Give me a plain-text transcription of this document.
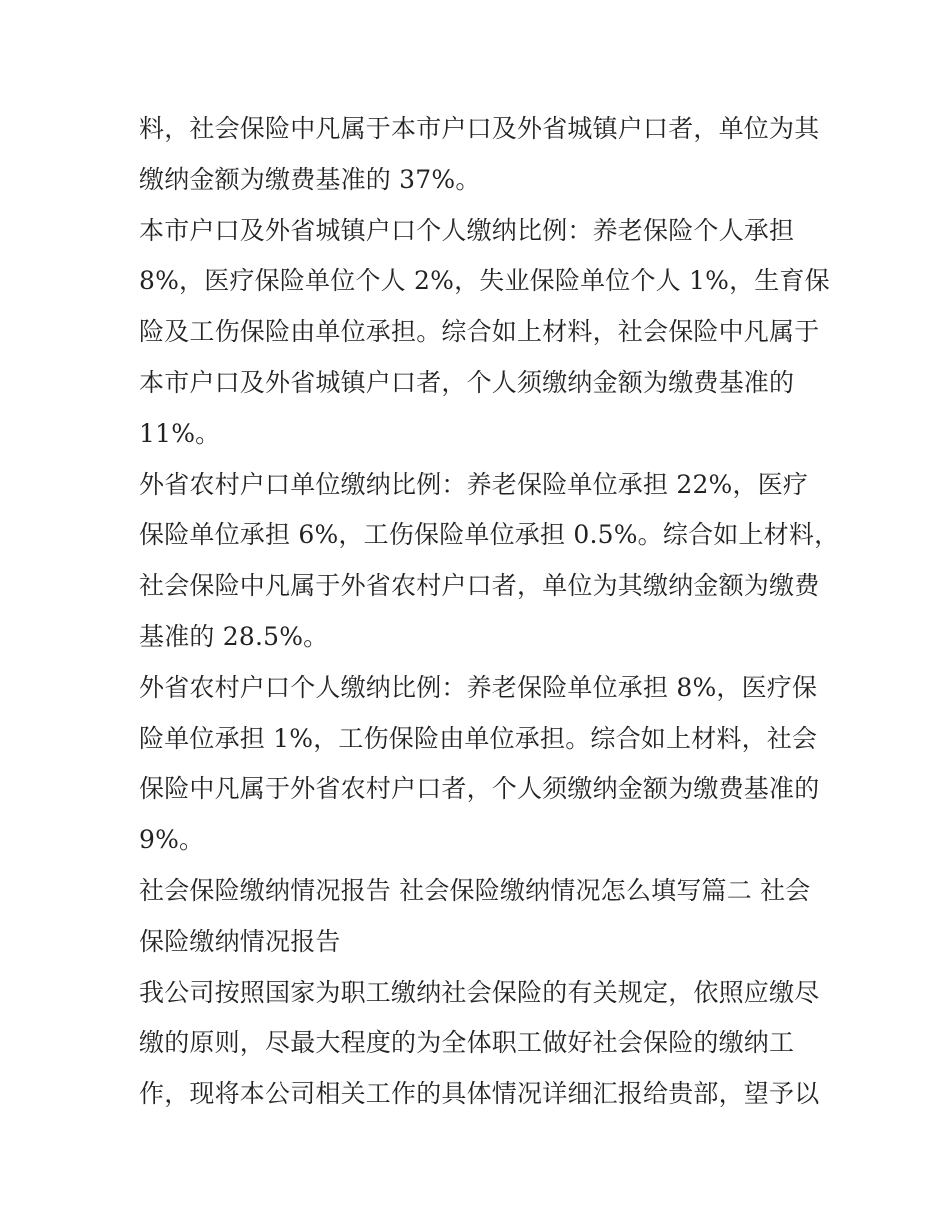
料，社会保险中凡属于本市户口及外省城镇户口者，单位为其
缴纳金额为缴费基准的 37%。
本市户口及外省城镇户口个人缴纳比例：养老保险个人承担
8%，医疗保险单位个人 2%，失业保险单位个人 1%，生育保
险及工伤保险由单位承担。综合如上材料，社会保险中凡属于
本市户口及外省城镇户口者，个人须缴纳金额为缴费基准的
11%。
外省农村户口单位缴纳比例：养老保险单位承担 22%，医疗
保险单位承担 6%，工伤保险单位承担 0.5%。综合如上材料，
社会保险中凡属于外省农村户口者，单位为其缴纳金额为缴费
基准的 28.5%。
外省农村户口个人缴纳比例：养老保险单位承担 8%，医疗保
险单位承担 1%，工伤保险由单位承担。综合如上材料，社会
保险中凡属于外省农村户口者，个人须缴纳金额为缴费基准的
9%。
社会保险缴纳情况报告 社会保险缴纳情况怎么填写篇二 社会
保险缴纳情况报告
我公司按照国家为职工缴纳社会保险的有关规定，依照应缴尽
缴的原则，尽最大程度的为全体职工做好社会保险的缴纳工
作，现将本公司相关工作的具体情况详细汇报给贵部，望予以
